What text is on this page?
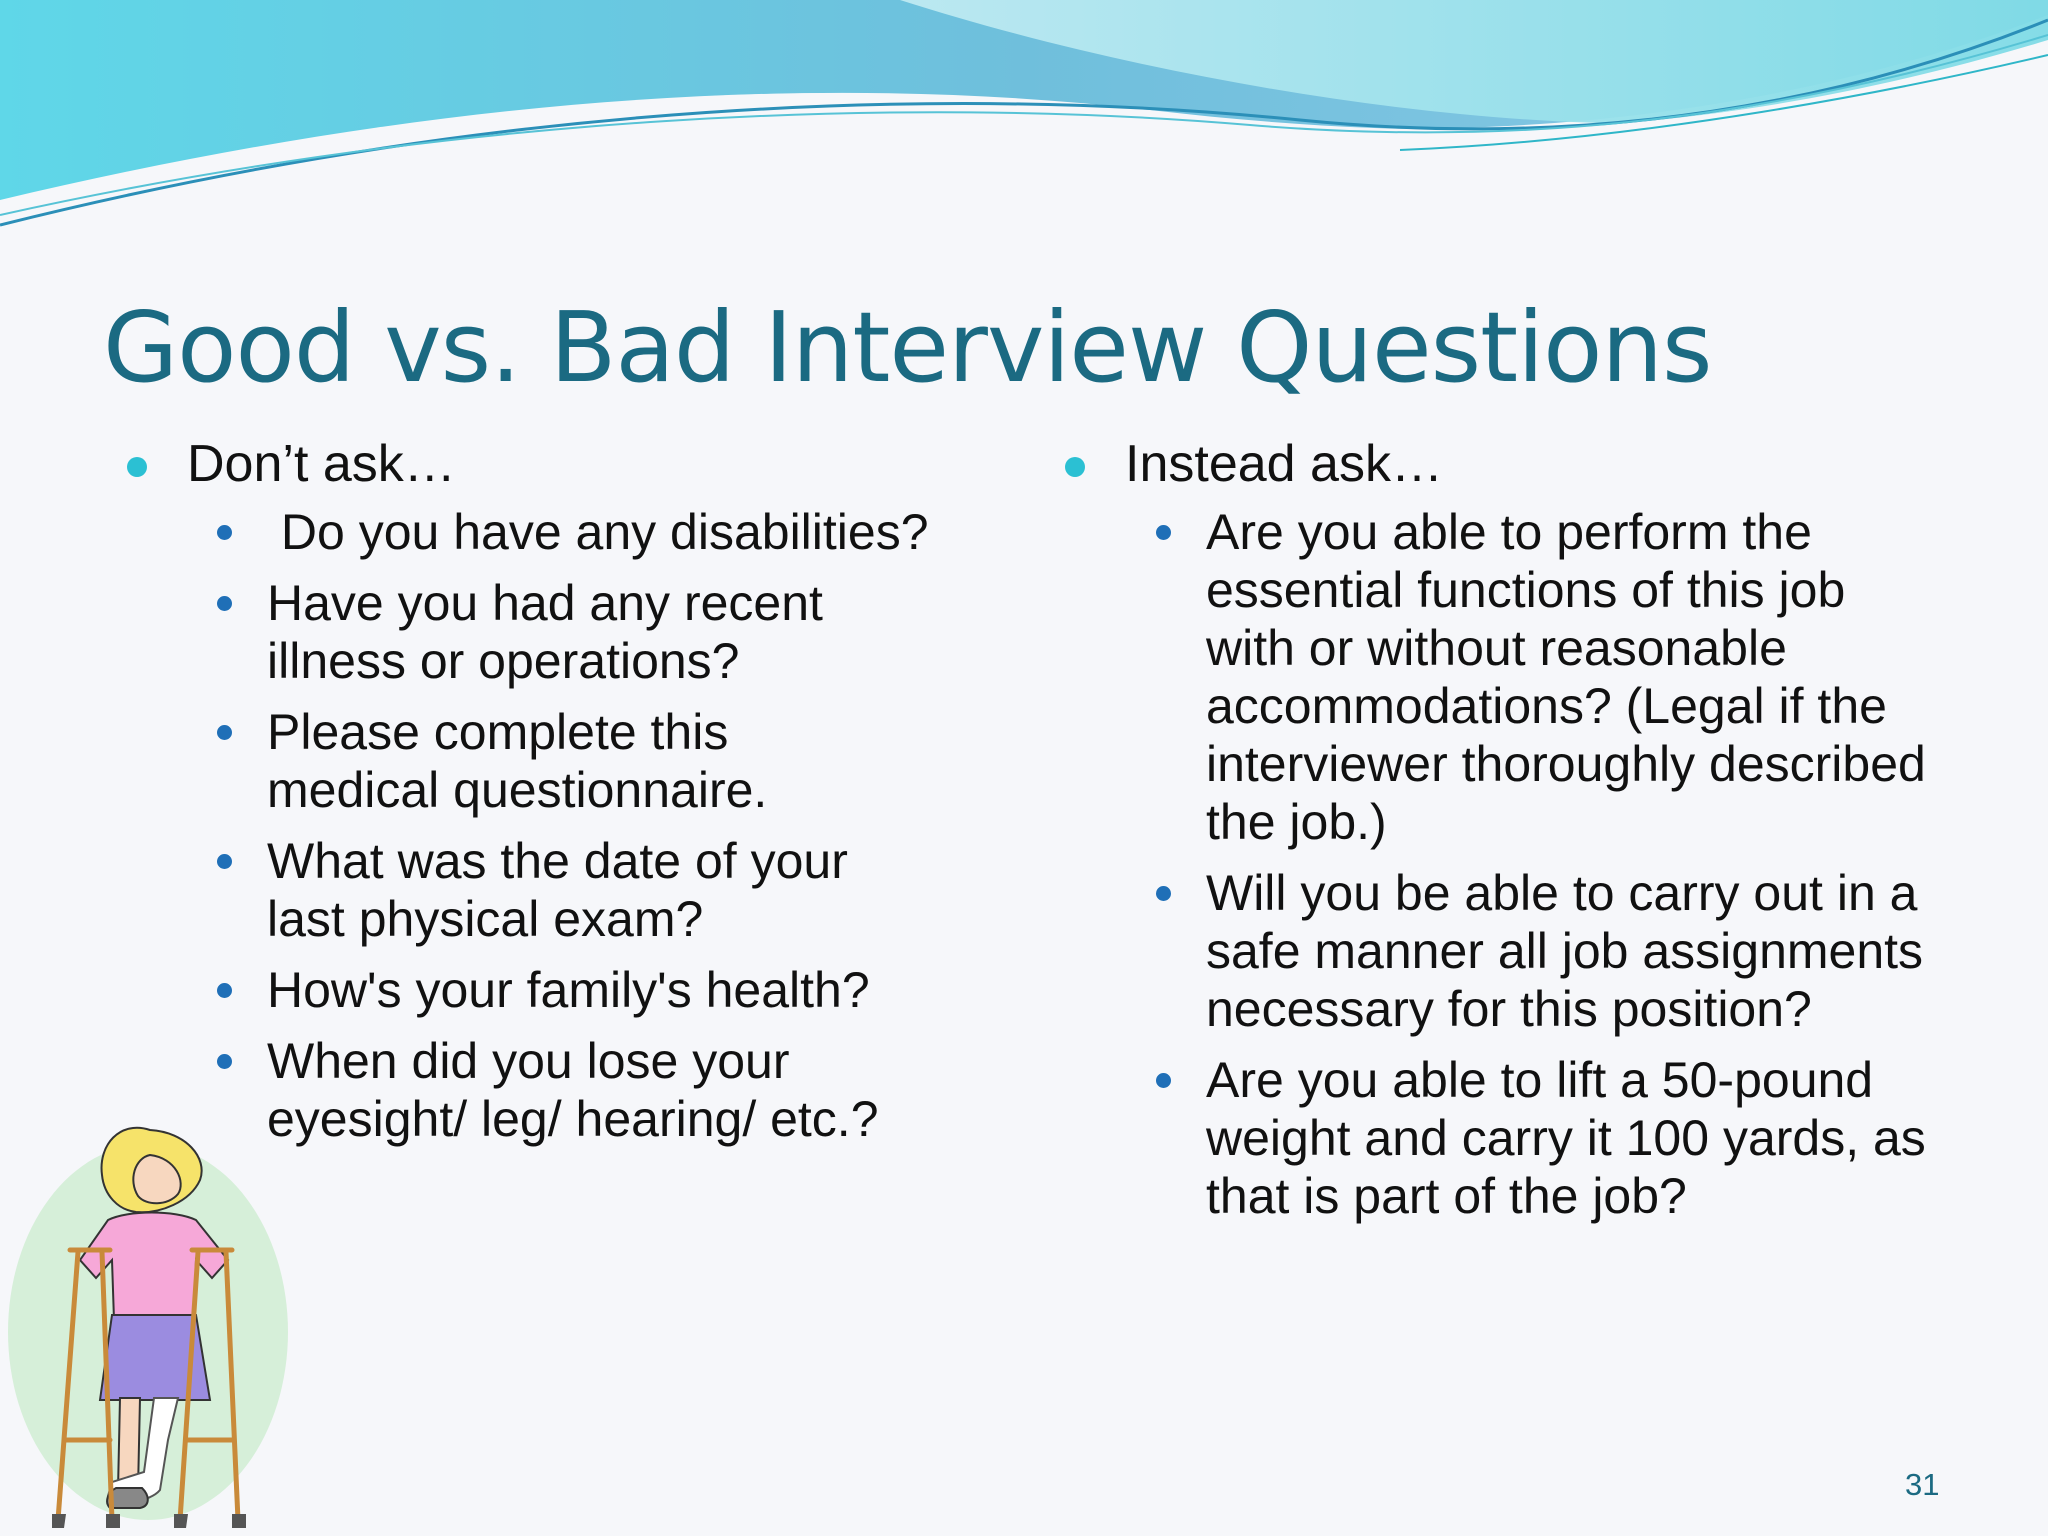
Good vs. Bad Interview Questions
Don’t ask…
Do you have any disabilities?
Have you had any recent illness or operations?
Please complete this medical questionnaire.
What was the date of your last physical exam?
How's your family's health?
When did you lose your eyesight/ leg/ hearing/ etc.?
Instead ask…
Are you able to perform the essential functions of this job with or without reasonable accommodations? (Legal if the interviewer thoroughly described the job.)
Will you be able to carry out in a safe manner all job assignments necessary for this position?
Are you able to lift a 50-pound weight and carry it 100 yards, as that is part of the job?
31
